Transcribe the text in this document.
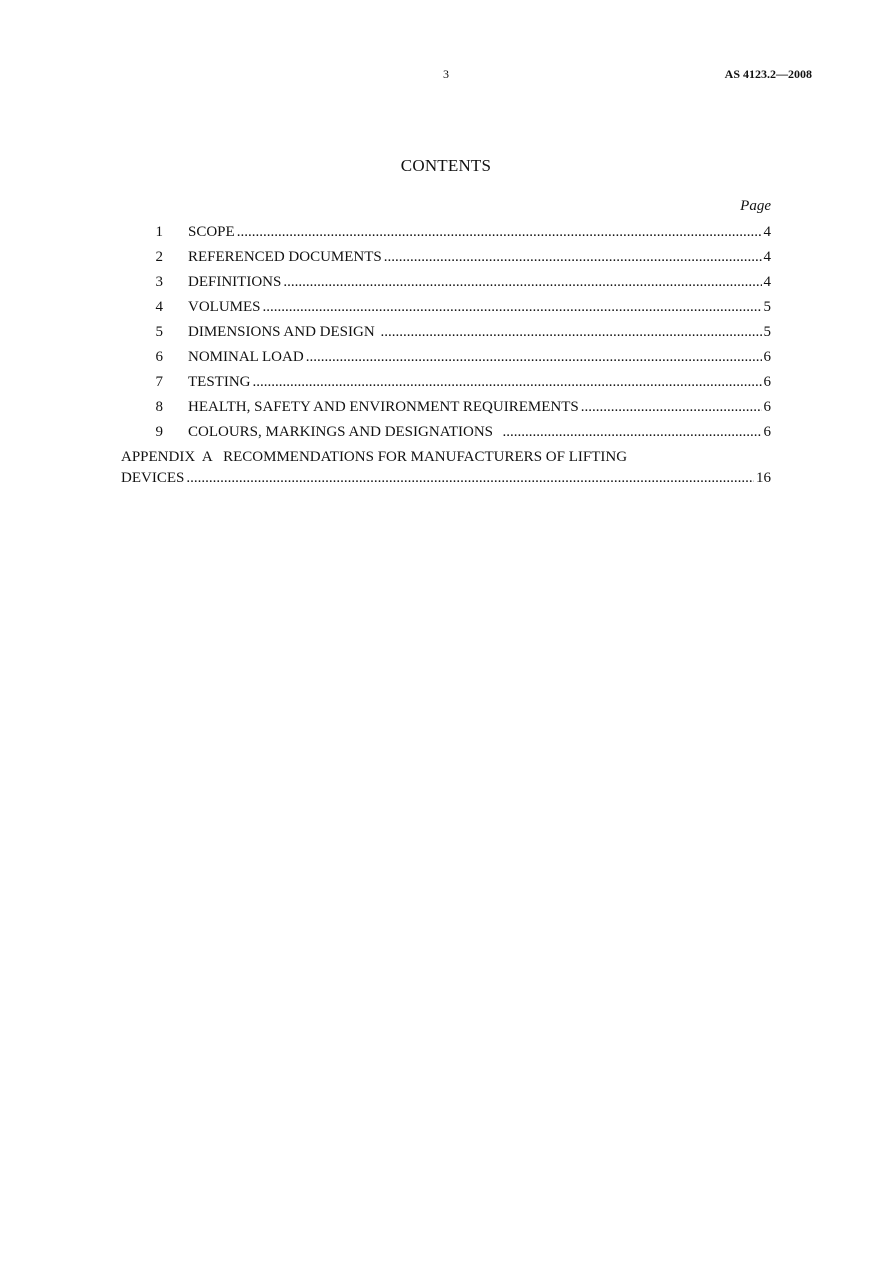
3	AS 4123.2—2008
CONTENTS
Page
1 SCOPE .....	4
2 REFERENCED DOCUMENTS .....	4
3 DEFINITIONS .....	4
4 VOLUMES .....	5
5 DIMENSIONS AND DESIGN .....	5
6 NOMINAL LOAD .....	6
7 TESTING .....	6
8 HEALTH, SAFETY AND ENVIRONMENT REQUIREMENTS .....	6
9 COLOURS, MARKINGS AND DESIGNATIONS .....	6
APPENDIX  A   RECOMMENDATIONS FOR MANUFACTURERS OF LIFTING
DEVICES .....	16
